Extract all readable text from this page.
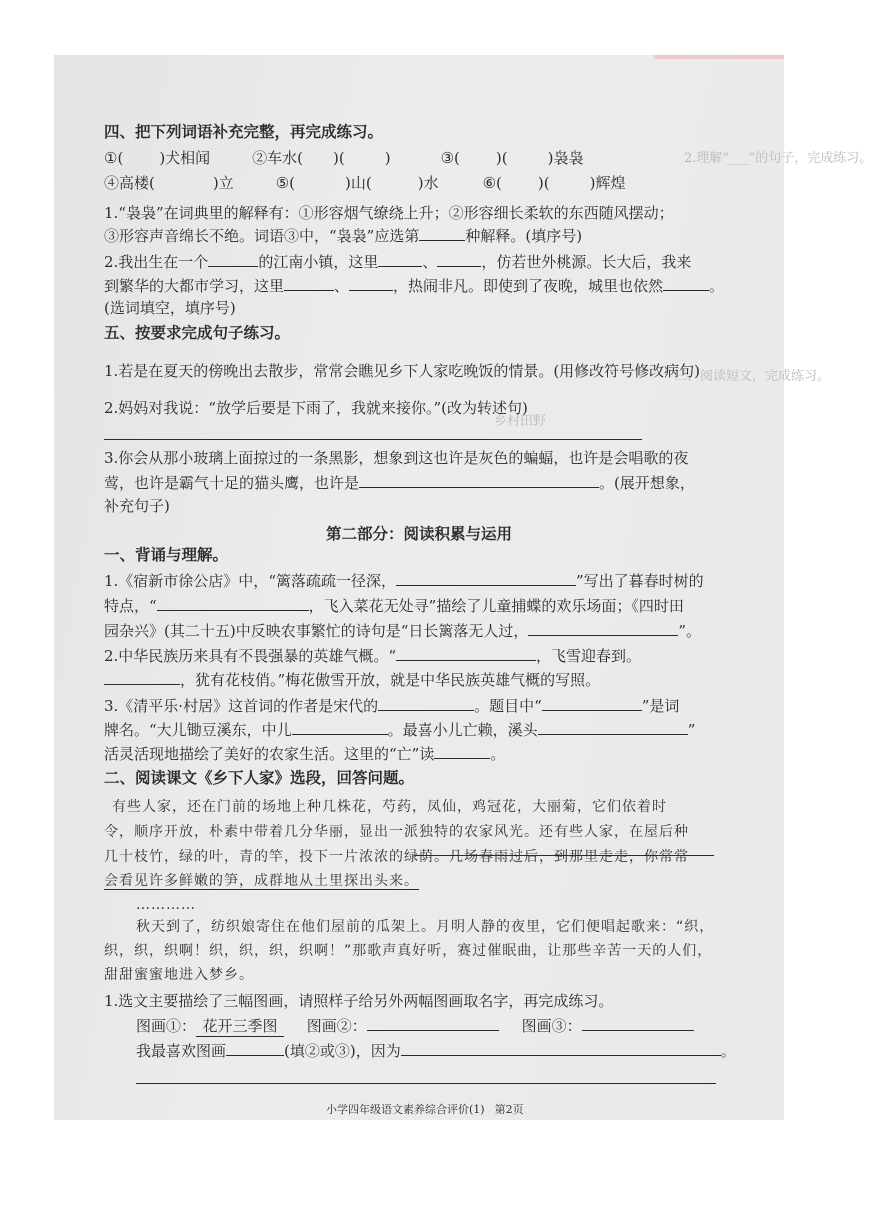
2.理解“___”的句子，完成练习。
三、阅读短文，完成练习。
乡村田野
四、把下列词语补充完整，再完成练习。
①( )犬相闻	②车水( )(	)	③( )(	)袅袅
④高楼(	)立	⑤(	)山(	)水	⑥( )(	)辉煌
1.“袅袅”在词典里的解释有：①形容烟气缭绕上升；②形容细长柔软的东西随风摆动；
③形容声音绵长不绝。词语③中，“袅袅”应选第	种解释。(填序号)
2.我出生在一个	的江南小镇，这里	、	，仿若世外桃源。长大后，我来
到繁华的大都市学习，这里	、	，热闹非凡。即使到了夜晚，城里也依然	。
(选词填空，填序号)
五、按要求完成句子练习。
1.若是在夏天的傍晚出去散步，常常会瞧见乡下人家吃晚饭的情景。(用修改符号修改病句)
2.妈妈对我说：“放学后要是下雨了，我就来接你。”(改为转述句)
3.你会从那小玻璃上面掠过的一条黑影，想象到这也许是灰色的蝙蝠，也许是会唱歌的夜
莺，也许是霸气十足的猫头鹰，也许是	。(展开想象，
补充句子)
第二部分：阅读积累与运用
一、背诵与理解。
1.《宿新市徐公店》中，“篱落疏疏一径深，	”写出了暮春时树的
特点，“	，飞入菜花无处寻”描绘了儿童捕蝶的欢乐场面；《四时田
园杂兴》(其二十五)中反映农事繁忙的诗句是“日长篱落无人过，	”。
2.中华民族历来具有不畏强暴的英雄气概。“	，飞雪迎春到。
，犹有花枝俏。”梅花傲雪开放，就是中华民族英雄气概的写照。
3.《清平乐·村居》这首词的作者是宋代的	。题目中“	”是词
牌名。“大儿锄豆溪东，中儿	。最喜小儿亡赖，溪头	”
活灵活现地描绘了美好的农家生活。这里的“亡”读	。
二、阅读课文《乡下人家》选段，回答问题。
有些人家，还在门前的场地上种几株花，芍药，凤仙，鸡冠花，大丽菊，它们依着时
令，顺序开放，朴素中带着几分华丽，显出一派独特的农家风光。还有些人家，在屋后种
几十枝竹，绿的叶，青的竿，投下一片浓浓的绿荫。几场春雨过后，到那里走走，你常常
会看见许多鲜嫩的笋，成群地从土里探出头来。
…………
秋天到了，纺织娘寄住在他们屋前的瓜架上。月明人静的夜里，它们便唱起歌来：“织，
织，织，织啊！织，织，织，织啊！”那歌声真好听，赛过催眠曲，让那些辛苦一天的人们，
甜甜蜜蜜地进入梦乡。
1.选文主要描绘了三幅图画，请照样子给另外两幅图画取名字，再完成练习。
图画①： 花开三季图 图画②：	图画③：
我最喜欢图画	(填②或③)，因为	。
小学四年级语文素养综合评价(1) 第2页
